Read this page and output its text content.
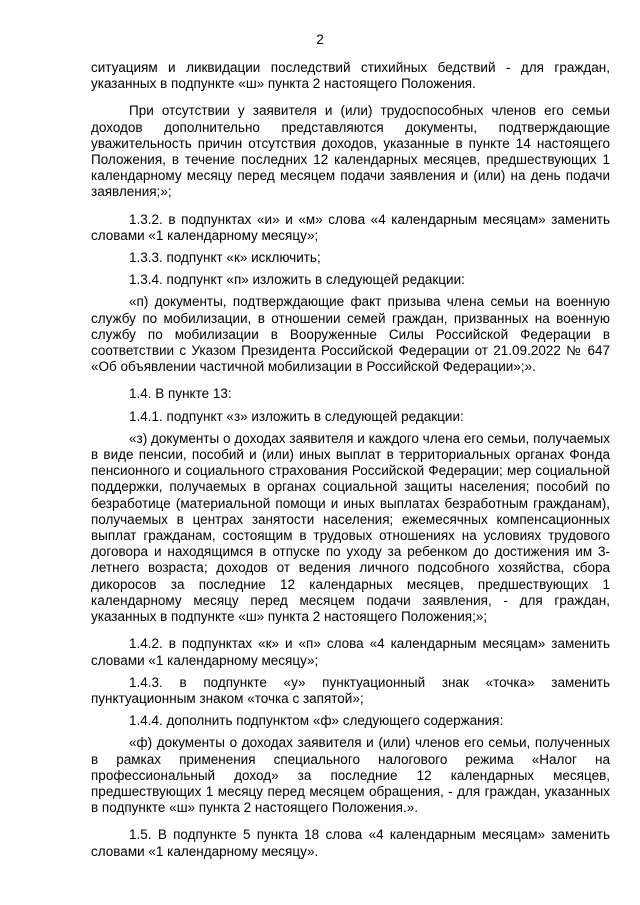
2

ситуациям и ликвидации последствий стихийных бедствий - для граждан, указанных в подпункте «ш» пункта 2 настоящего Положения.

При отсутствии у заявителя и (или) трудоспособных членов его семьи доходов дополнительно представляются документы, подтверждающие уважительность причин отсутствия доходов, указанные в пункте 14 настоящего Положения, в течение последних 12 календарных месяцев, предшествующих 1 календарному месяцу перед месяцем подачи заявления и (или) на день подачи заявления;»;

1.3.2. в подпунктах «и» и «м» слова «4 календарным месяцам» заменить словами «1 календарному месяцу»;

1.3.3. подпункт «к» исключить;

1.3.4. подпункт «п» изложить в следующей редакции:

«п) документы, подтверждающие факт призыва члена семьи на военную службу по мобилизации, в отношении семей граждан, призванных на военную службу по мобилизации в Вооруженные Силы Российской Федерации в соответствии с Указом Президента Российской Федерации от 21.09.2022 № 647 «Об объявлении частичной мобилизации в Российской Федерации»;».

1.4. В пункте 13:

1.4.1. подпункт «з» изложить в следующей редакции:

«з) документы о доходах заявителя и каждого члена его семьи, получаемых в виде пенсии, пособий и (или) иных выплат в территориальных органах Фонда пенсионного и социального страхования Российской Федерации; мер социальной поддержки, получаемых в органах социальной защиты населения; пособий по безработице (материальной помощи и иных выплатах безработным гражданам), получаемых в центрах занятости населения; ежемесячных компенсационных выплат гражданам, состоящим в трудовых отношениях на условиях трудового договора и находящимся в отпуске по уходу за ребенком до достижения им 3-летнего возраста; доходов от ведения личного подсобного хозяйства, сбора дикоросов за последние 12 календарных месяцев, предшествующих 1 календарному месяцу перед месяцем подачи заявления, - для граждан, указанных в подпункте «ш» пункта 2 настоящего Положения;»;

1.4.2. в подпунктах «к» и «п» слова «4 календарным месяцам» заменить словами «1 календарному месяцу»;

1.4.3. в подпункте «у» пунктуационный знак «точка» заменить пунктуационным знаком «точка с запятой»;

1.4.4. дополнить подпунктом «ф» следующего содержания:

«ф) документы о доходах заявителя и (или) членов его семьи, полученных в рамках применения специального налогового режима «Налог на профессиональный доход» за последние 12 календарных месяцев, предшествующих 1 месяцу перед месяцем обращения, - для граждан, указанных в подпункте «ш» пункта 2 настоящего Положения.».

1.5. В подпункте 5 пункта 18 слова «4 календарным месяцам» заменить словами «1 календарному месяцу».
